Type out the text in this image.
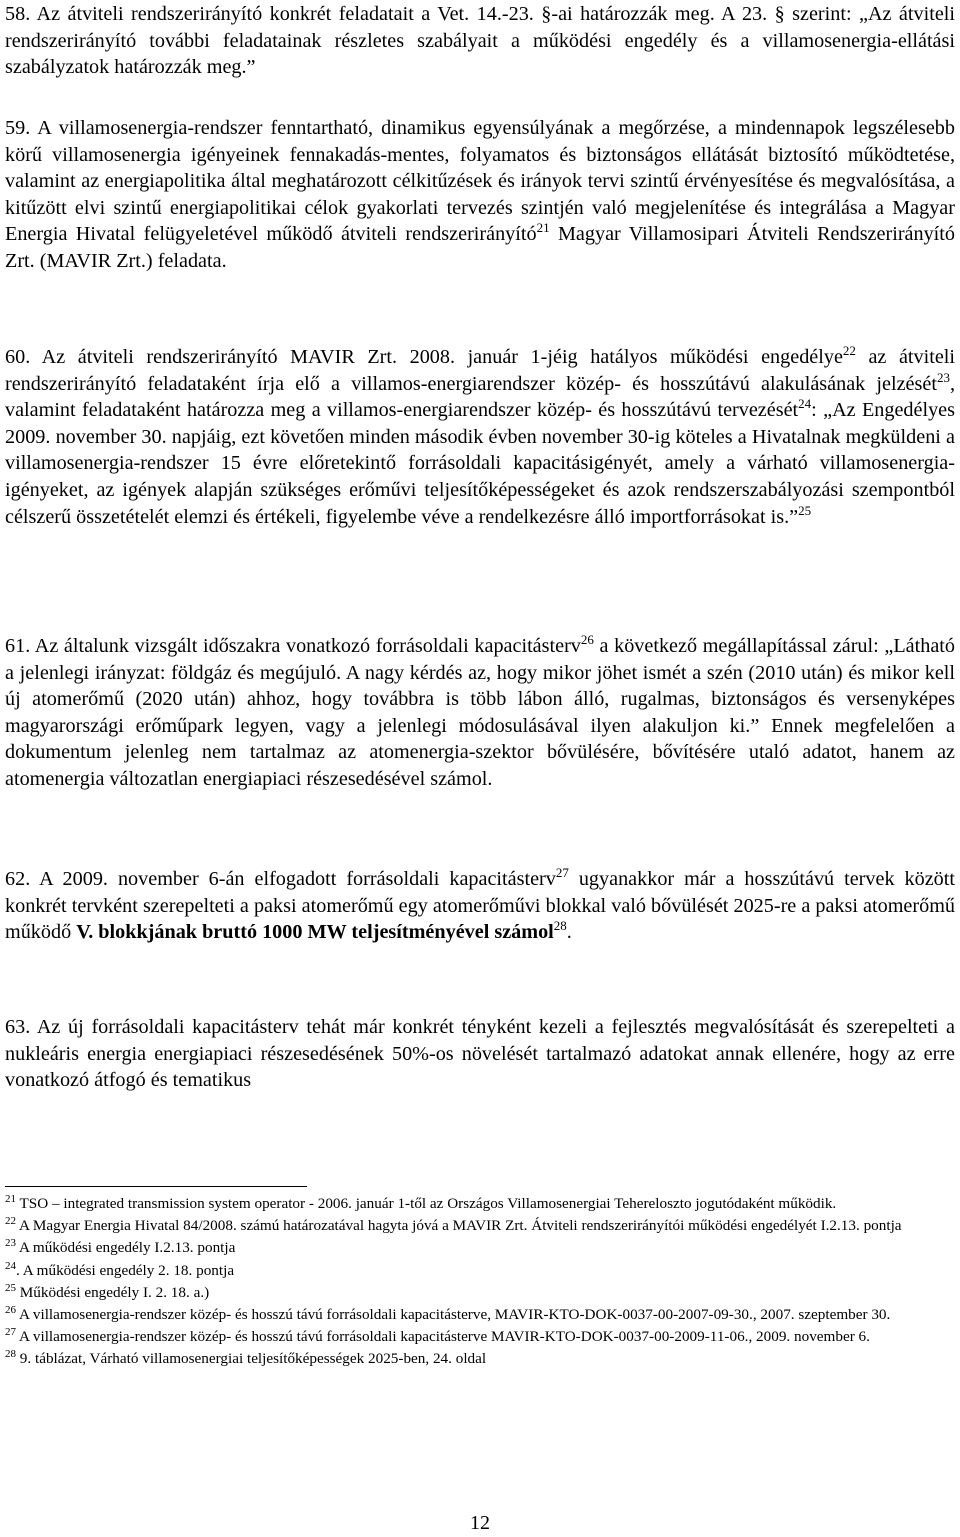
58. Az átviteli rendszerirányító konkrét feladatait a Vet. 14.-23. §-ai határozzák meg. A 23. § szerint: „Az átviteli rendszerirányító további feladatainak részletes szabályait a működési engedély és a villamosenergia-ellátási szabályzatok határozzák meg.”

59. A villamosenergia-rendszer fenntartható, dinamikus egyensúlyának a megőrzése, a mindennapok legszélesebb körű villamosenergia igényeinek fennakadás-mentes, folyamatos és biztonságos ellátását biztosító működtetése, valamint az energiapolitika által meghatározott célkitűzések és irányok tervi szintű érvényesítése és megvalósítása, a kitűzött elvi szintű energiapolitikai célok gyakorlati tervezés szintjén való megjelenítése és integrálása a Magyar Energia Hivatal felügyeletével működő átviteli rendszerirányító$^{21}$ Magyar Villamosipari Átviteli Rendszerirányító Zrt. (MAVIR Zrt.) feladata.

60. Az átviteli rendszerirányító MAVIR Zrt. 2008. január 1-jéig hatályos működési engedélye$^{22}$ az átviteli rendszerirányító feladataként írja elő a villamos-energiarendszer közép- és hosszútávú alakulásának jelzését$^{23}$, valamint feladataként határozza meg a villamos-energiarendszer közép- és hosszútávú tervezését$^{24}$: „Az Engedélyes 2009. november 30. napjáig, ezt követően minden második évben november 30-ig köteles a Hivatalnak megküldeni a villamosenergia-rendszer 15 évre előretekintő forrásoldali kapacitásigényét, amely a várható villamosenergia-igényeket, az igények alapján szükséges erőművi teljesítőképességeket és azok rendszerszabályozási szempontból célszerű összetételét elemzi és értékeli, figyelembe véve a rendelkezésre álló importforrásokat is.”$^{25}$

61. Az általunk vizsgált időszakra vonatkozó forrásoldali kapacitásterv$^{26}$ a következő megállapítással zárul: „Látható a jelenlegi irányzat: földgáz és megújuló. A nagy kérdés az, hogy mikor jöhet ismét a szén (2010 után) és mikor kell új atomerőmű (2020 után) ahhoz, hogy továbbra is több lábon álló, rugalmas, biztonságos és versenyképes magyarországi erőműpark legyen, vagy a jelenlegi módosulásával ilyen alakuljon ki.” Ennek megfelelően a dokumentum jelenleg nem tartalmaz az atomenergia-szektor bővülésére, bővítésére utaló adatot, hanem az atomenergia változatlan energiapiaci részesedésével számol.

62. A 2009. november 6-án elfogadott forrásoldali kapacitásterv$^{27}$ ugyanakkor már a hosszútávú tervek között konkrét tervként szerepelteti a paksi atomerőmű egy atomerőművi blokkal való bővülését 2025-re a paksi atomerőmű működő V. blokkjának bruttó 1000 MW teljesítményével számol$^{28}$.

63. Az új forrásoldali kapacitásterv tehát már konkrét tényként kezeli a fejlesztés megvalósítását és szerepelteti a nukleáris energia energiapiaci részesedésének 50%-os növelését tartalmazó adatokat annak ellenére, hogy az erre vonatkozó átfogó és tematikus

$^{21}$ TSO – integrated transmission system operator - 2006. január 1-től az Országos Villamosenergiai Tehereloszto jogutódaként működik.

$^{22}$ A Magyar Energia Hivatal 84/2008. számú határozatával hagyta jóvá a MAVIR Zrt. Átviteli rendszerirányítói működési engedélyét I.2.13. pontja

$^{23}$ A működési engedély I.2.13. pontja

$^{24}$. A működési engedély 2. 18. pontja

$^{25}$ Működési engedély I. 2. 18. a.)

$^{26}$ A villamosenergia-rendszer közép- és hosszú távú forrásoldali kapacitásterve, MAVIR-KTO-DOK-0037-00-2007-09-30., 2007. szeptember 30.

$^{27}$ A villamosenergia-rendszer közép- és hosszú távú forrásoldali kapacitásterve MAVIR-KTO-DOK-0037-00-2009-11-06., 2009. november 6.

$^{28}$ 9. táblázat, Várható villamosenergiai teljesítőképességek 2025-ben, 24. oldal

12
